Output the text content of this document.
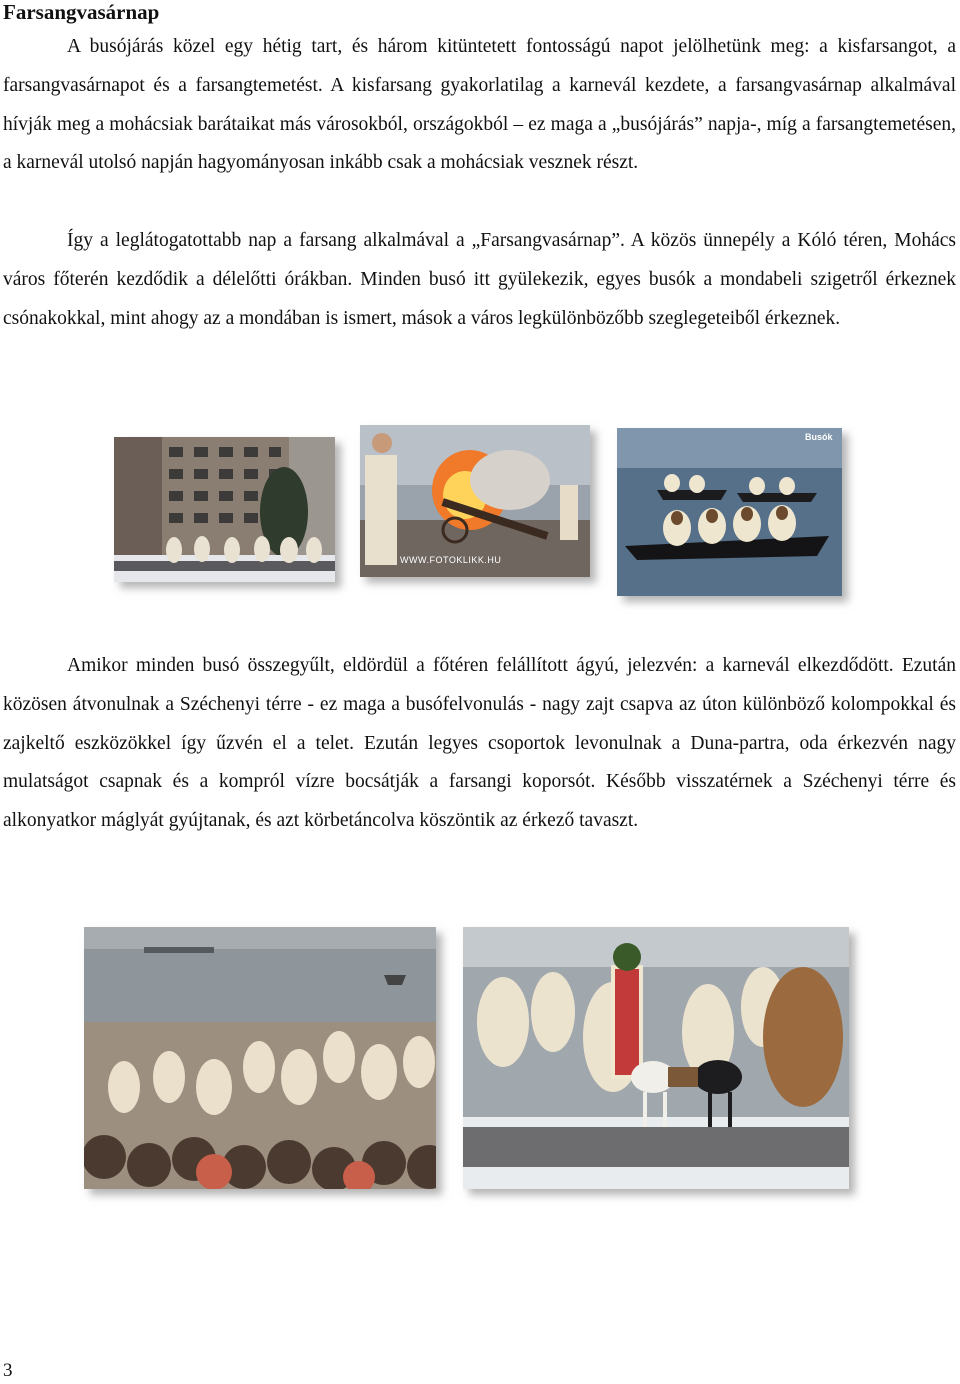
Farsangvasárnap

A busójárás közel egy hétig tart, és három kitüntetett fontosságú napot jelölhetünk meg: a kisfarsangot, a farsangvasárnapot és a farsangtemetést. A kisfarsang gyakorlatilag a karnevál kezdete, a farsangvasárnap alkalmával hívják meg a mohácsiak barátaikat más városokból, országokból – ez maga a „busójárás” napja-, míg a farsangtemetésen, a karnevál utolsó napján hagyományosan inkább csak a mohácsiak vesznek részt.

Így a leglátogatottabb nap a farsang alkalmával a „Farsangvasárnap”. A közös ünnepély a Kóló téren, Mohács város főterén kezdődik a délelőtti órákban. Minden busó itt gyülekezik, egyes busók a mondabeli szigetről érkeznek csónakokkal, mint ahogy az a mondában is ismert, mások a város legkülönbözőbb szeglegeteiből érkeznek.

WWW.FOTOKLIKK.HU
Busók

Amikor minden busó összegyűlt, eldördül a főtéren felállított ágyú, jelezvén: a karnevál elkezdődött. Ezután közösen átvonulnak a Széchenyi térre - ez maga a busófelvonulás - nagy zajt csapva az úton különböző kolompokkal és zajkeltő eszközökkel így űzvén el a telet. Ezután legyes csoportok levonulnak a Duna-partra, oda érkezvén nagy mulatságot csapnak és a kompról vízre bocsátják a farsangi koporsót. Később visszatérnek a Széchenyi térre és alkonyatkor máglyát gyújtanak, és azt körbetáncolva köszöntik az érkező tavaszt.

3
